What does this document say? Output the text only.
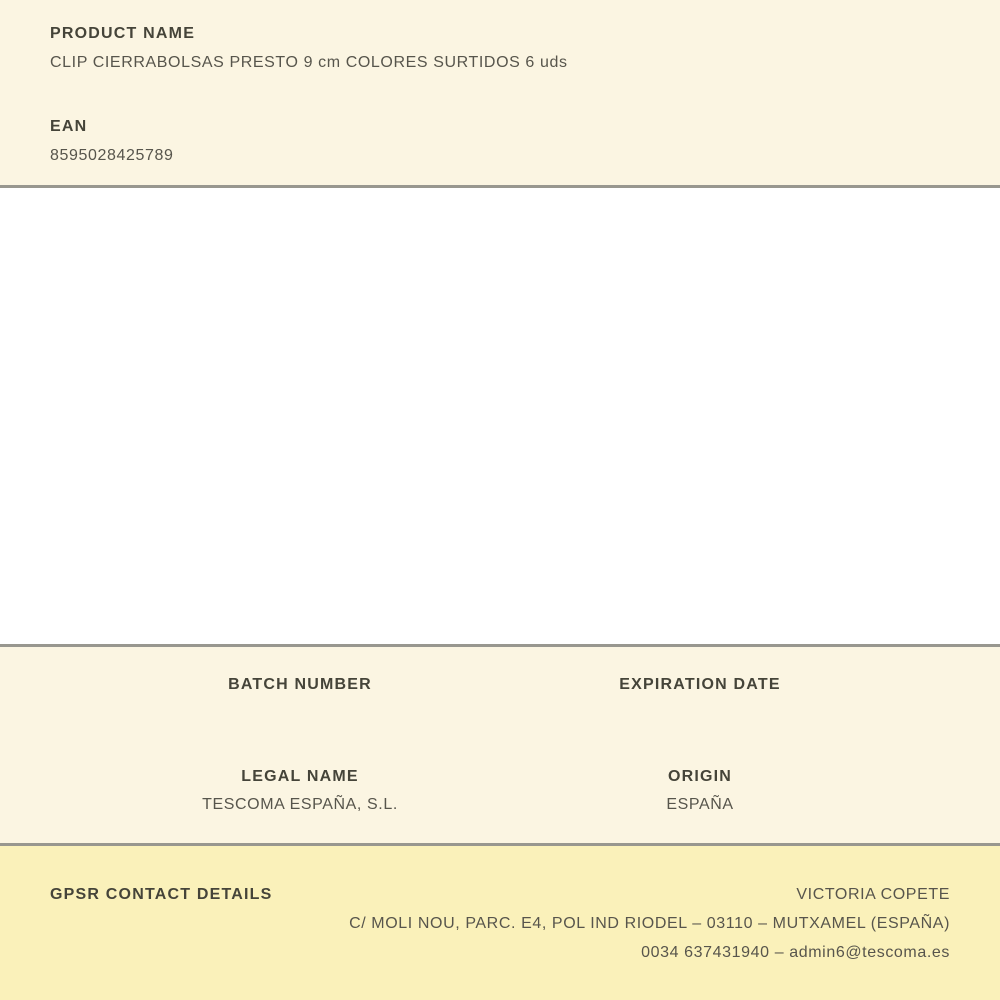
PRODUCT NAME
CLIP CIERRABOLSAS PRESTO 9 cm COLORES SURTIDOS 6 uds
EAN
8595028425789
BATCH NUMBER	EXPIRATION DATE
LEGAL NAME
TESCOMA ESPAÑA, S.L.
ORIGIN
ESPAÑA
GPSR CONTACT DETAILS	VICTORIA COPETE
C/ MOLI NOU, PARC. E4, POL IND RIODEL – 03110 – MUTXAMEL (ESPAÑA)
0034 637431940 – admin6@tescoma.es
